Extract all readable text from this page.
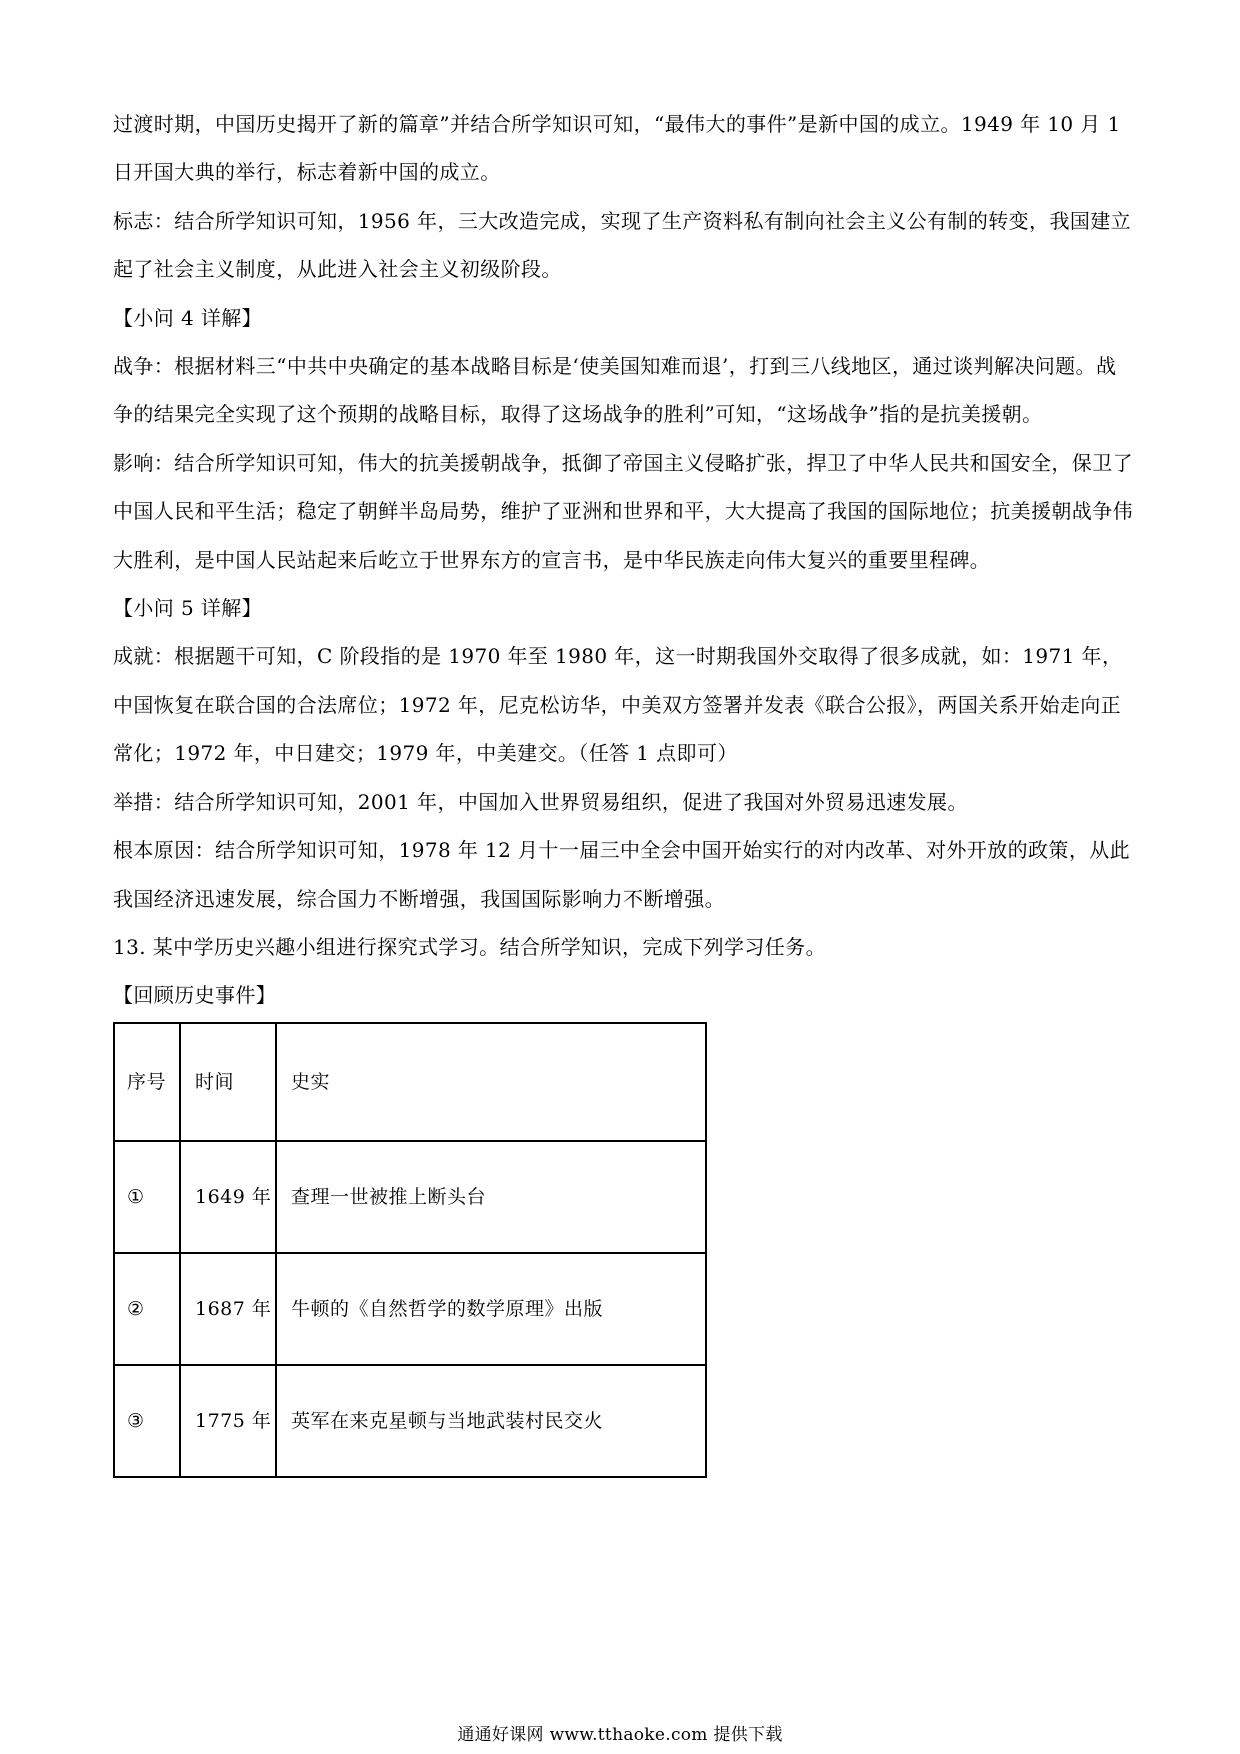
过渡时期，中国历史揭开了新的篇章”并结合所学知识可知，“最伟大的事件”是新中国的成立。1949 年 10 月 1 日开国大典的举行，标志着新中国的成立。

标志：结合所学知识可知，1956 年，三大改造完成，实现了生产资料私有制向社会主义公有制的转变，我国建立起了社会主义制度，从此进入社会主义初级阶段。

【小问 4 详解】

战争：根据材料三“中共中央确定的基本战略目标是‘使美国知难而退’，打到三八线地区，通过谈判解决问题。战争的结果完全实现了这个预期的战略目标，取得了这场战争的胜利”可知，“这场战争”指的是抗美援朝。

影响：结合所学知识可知，伟大的抗美援朝战争，抵御了帝国主义侵略扩张，捍卫了中华人民共和国安全，保卫了中国人民和平生活；稳定了朝鲜半岛局势，维护了亚洲和世界和平，大大提高了我国的国际地位；抗美援朝战争伟大胜利，是中国人民站起来后屹立于世界东方的宣言书，是中华民族走向伟大复兴的重要里程碑。

【小问 5 详解】

成就：根据题干可知，C 阶段指的是 1970 年至 1980 年，这一时期我国外交取得了很多成就，如：1971 年，中国恢复在联合国的合法席位；1972 年，尼克松访华，中美双方签署并发表《联合公报》，两国关系开始走向正常化；1972 年，中日建交；1979 年，中美建交。（任答 1 点即可）

举措：结合所学知识可知，2001 年，中国加入世界贸易组织，促进了我国对外贸易迅速发展。

根本原因：结合所学知识可知，1978 年 12 月十一届三中全会中国开始实行的对内改革、对外开放的政策，从此我国经济迅速发展，综合国力不断增强，我国国际影响力不断增强。

13. 某中学历史兴趣小组进行探究式学习。结合所学知识，完成下列学习任务。

【回顾历史事件】

序号	时间	史实
①	1649 年	查理一世被推上断头台
②	1687 年	牛顿的《自然哲学的数学原理》出版
③	1775 年	英军在来克星顿与当地武装村民交火
通通好课网 www.tthaoke.com 提供下载
